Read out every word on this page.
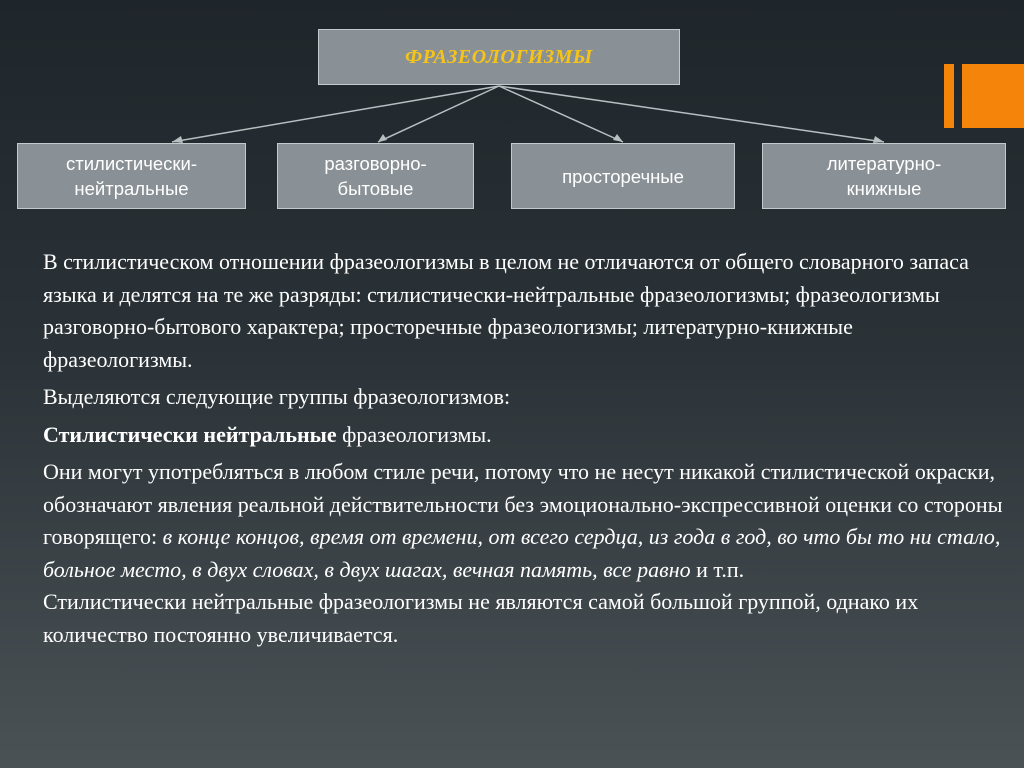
ФРАЗЕОЛОГИЗМЫ
стилистически-
нейтральные
разговорно-
бытовые
просторечные
литературно-
книжные

В стилистическом отношении фразеологизмы в целом не отличаются от общего словарного запаса языка и делятся на те же разряды: стилистически-нейтральные фразеологизмы; фразеологизмы разговорно-бытового характера; просторечные фразеологизмы; литературно-книжные фразеологизмы.

Выделяются следующие группы фразеологизмов:

Стилистически нейтральные фразеологизмы.

Они могут употребляться в любом стиле речи, потому что не несут никакой стилистической окраски, обозначают явления реальной действительности без эмоционально-экспрессивной оценки со стороны говорящего: в конце концов, время от времени, от всего сердца, из года в год, во что бы то ни стало, больное место, в двух словах, в двух шагах, вечная память, все равно и т.п.

Стилистически нейтральные фразеологизмы не являются самой большой группой, однако их количество постоянно увеличивается.
